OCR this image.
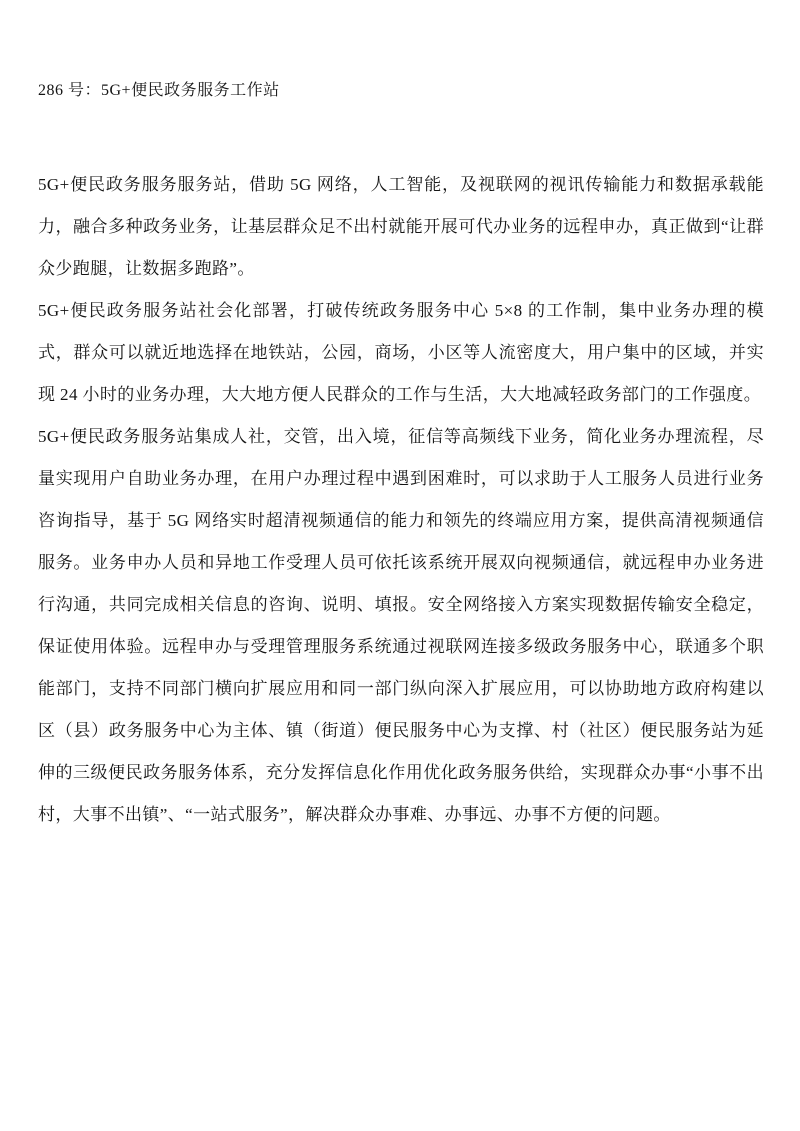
286 号：5G+便民政务服务工作站

5G+便民政务服务服务站，借助 5G 网络，人工智能，及视联网的视讯传输能力和数据承载能力，融合多种政务业务，让基层群众足不出村就能开展可代办业务的远程申办，真正做到“让群众少跑腿，让数据多跑路”。

5G+便民政务服务站社会化部署，打破传统政务服务中心 5×8 的工作制，集中业务办理的模式，群众可以就近地选择在地铁站，公园，商场，小区等人流密度大，用户集中的区域，并实现 24 小时的业务办理，大大地方便人民群众的工作与生活，大大地减轻政务部门的工作强度。

5G+便民政务服务站集成人社，交管，出入境，征信等高频线下业务，简化业务办理流程，尽量实现用户自助业务办理，在用户办理过程中遇到困难时，可以求助于人工服务人员进行业务咨询指导，基于 5G 网络实时超清视频通信的能力和领先的终端应用方案，提供高清视频通信服务。业务申办人员和异地工作受理人员可依托该系统开展双向视频通信，就远程申办业务进行沟通，共同完成相关信息的咨询、说明、填报。安全网络接入方案实现数据传输安全稳定，保证使用体验。远程申办与受理管理服务系统通过视联网连接多级政务服务中心，联通多个职能部门，支持不同部门横向扩展应用和同一部门纵向深入扩展应用，可以协助地方政府构建以区（县）政务服务中心为主体、镇（街道）便民服务中心为支撑、村（社区）便民服务站为延伸的三级便民政务服务体系，充分发挥信息化作用优化政务服务供给，实现群众办事“小事不出村，大事不出镇”、“一站式服务”，解决群众办事难、办事远、办事不方便的问题。
